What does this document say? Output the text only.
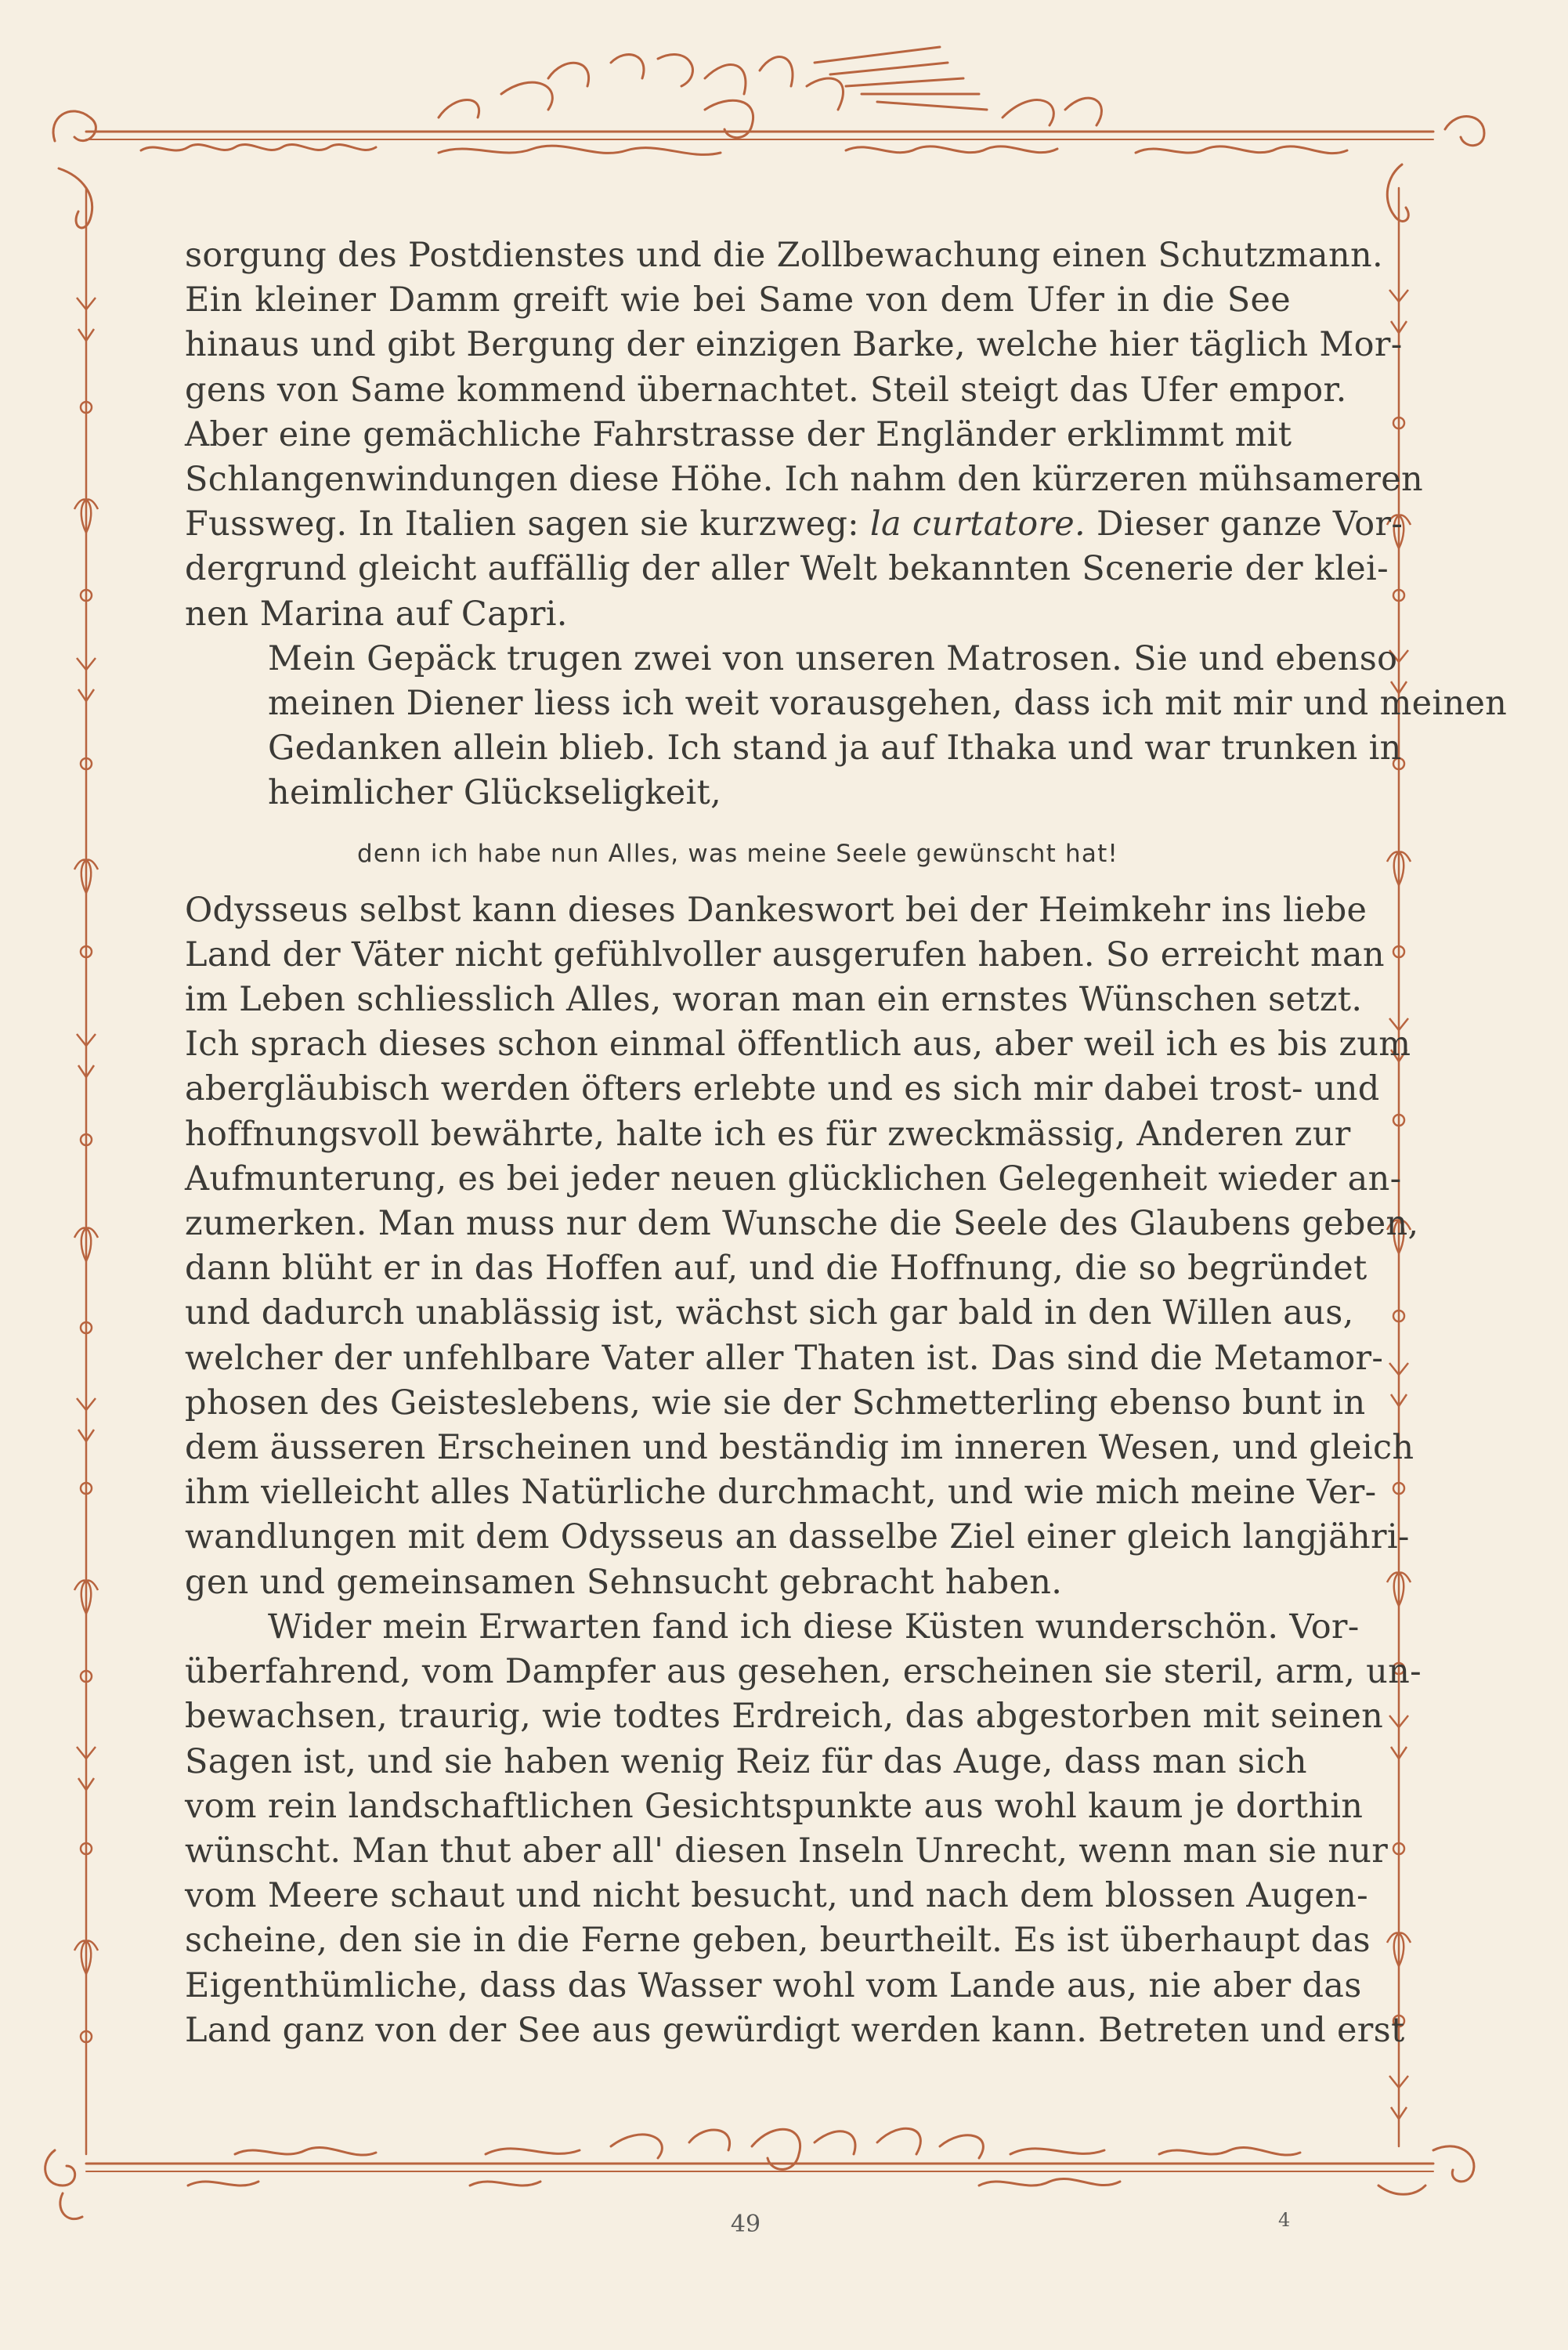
sorgung des Postdienstes und die Zollbewachung einen Schutzmann.
Ein kleiner Damm greift wie bei Same von dem Ufer in die See
hinaus und gibt Bergung der einzigen Barke, welche hier täglich Mor-
gens von Same kommend übernachtet. Steil steigt das Ufer empor.
Aber eine gemächliche Fahrstrasse der Engländer erklimmt mit
Schlangenwindungen diese Höhe. Ich nahm den kürzeren mühsameren
Fussweg. In Italien sagen sie kurzweg: la curtatore. Dieser ganze Vor-
dergrund gleicht auffällig der aller Welt bekannten Scenerie der klei-
nen Marina auf Capri.

Mein Gepäck trugen zwei von unseren Matrosen. Sie und ebenso
meinen Diener liess ich weit vorausgehen, dass ich mit mir und meinen
Gedanken allein blieb. Ich stand ja auf Ithaka und war trunken in
heimlicher Glückseligkeit,

denn ich habe nun Alles, was meine Seele gewünscht hat!

Odysseus selbst kann dieses Dankeswort bei der Heimkehr ins liebe
Land der Väter nicht gefühlvoller ausgerufen haben. So erreicht man
im Leben schliesslich Alles, woran man ein ernstes Wünschen setzt.
Ich sprach dieses schon einmal öffentlich aus, aber weil ich es bis zum
abergläubisch werden öfters erlebte und es sich mir dabei trost- und
hoffnungsvoll bewährte, halte ich es für zweckmässig, Anderen zur
Aufmunterung, es bei jeder neuen glücklichen Gelegenheit wieder an-
zumerken. Man muss nur dem Wunsche die Seele des Glaubens geben,
dann blüht er in das Hoffen auf, und die Hoffnung, die so begründet
und dadurch unablässig ist, wächst sich gar bald in den Willen aus,
welcher der unfehlbare Vater aller Thaten ist. Das sind die Metamor-
phosen des Geisteslebens, wie sie der Schmetterling ebenso bunt in
dem äusseren Erscheinen und beständig im inneren Wesen, und gleich
ihm vielleicht alles Natürliche durchmacht, und wie mich meine Ver-
wandlungen mit dem Odysseus an dasselbe Ziel einer gleich langjähri-
gen und gemeinsamen Sehnsucht gebracht haben.

Wider mein Erwarten fand ich diese Küsten wunderschön. Vor-
überfahrend, vom Dampfer aus gesehen, erscheinen sie steril, arm, un-
bewachsen, traurig, wie todtes Erdreich, das abgestorben mit seinen
Sagen ist, und sie haben wenig Reiz für das Auge, dass man sich
vom rein landschaftlichen Gesichtspunkte aus wohl kaum je dorthin
wünscht. Man thut aber all' diesen Inseln Unrecht, wenn man sie nur
vom Meere schaut und nicht besucht, und nach dem blossen Augen-
scheine, den sie in die Ferne geben, beurtheilt. Es ist überhaupt das
Eigenthümliche, dass das Wasser wohl vom Lande aus, nie aber das
Land ganz von der See aus gewürdigt werden kann. Betreten und erst

49	4
